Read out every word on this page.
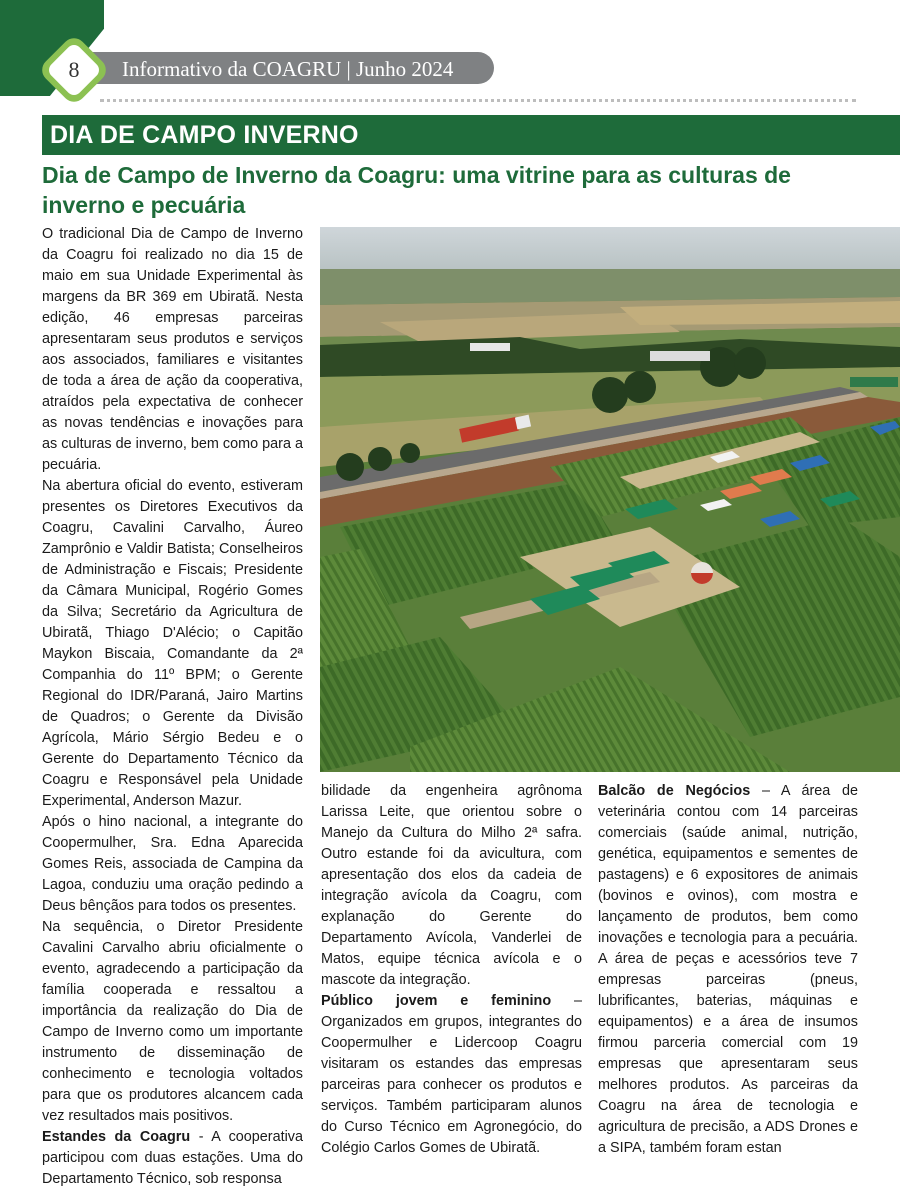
Informativo da COAGRU | Junho 2024
8
DIA DE CAMPO INVERNO
Dia de Campo de Inverno da Coagru: uma vitrine para as culturas de inverno e pecuária

O tradicional Dia de Campo de Inverno da Coagru foi realizado no dia 15 de maio em sua Unidade Experimental às margens da BR 369 em Ubiratã. Nesta edição, 46 empresas parceiras apresentaram seus produtos e serviços aos associados, familiares e visitantes de toda a área de ação da cooperativa, atraídos pela expectativa de conhecer as novas tendências e inovações para as culturas de inverno, bem como para a pecuária.

Na abertura oficial do evento, estiveram presentes os Diretores Executivos da Coagru, Cavalini Carvalho, Áureo Zamprônio e Valdir Batista; Conselheiros de Administração e Fiscais; Presidente da Câmara Municipal, Rogério Gomes da Silva; Secretário da Agricultura de Ubiratã, Thiago D'Alécio; o Capitão Maykon Biscaia, Comandante da 2ª Companhia do 11º BPM; o Gerente Regional do IDR/Paraná, Jairo Martins de Quadros; o Gerente da Divisão Agrícola, Mário Sérgio Bedeu e o Gerente do Departamento Técnico da Coagru e Responsável pela Unidade Experimental, Anderson Mazur.

Após o hino nacional, a integrante do Coopermulher, Sra. Edna Aparecida Gomes Reis, associada de Campina da Lagoa, conduziu uma oração pedindo a Deus bênçãos para todos os presentes.

Na sequência, o Diretor Presidente Cavalini Carvalho abriu oficialmente o evento, agradecendo a participação da família cooperada e ressaltou a importância da realização do Dia de Campo de Inverno como um importante instrumento de disseminação de conhecimento e tecnologia voltados para que os produtores alcancem cada vez resultados mais positivos.

Estandes da Coagru - A cooperativa participou com duas estações. Uma do Departamento Técnico, sob responsa

bilidade da engenheira agrônoma Larissa Leite, que orientou sobre o Manejo da Cultura do Milho 2ª safra. Outro estande foi da avicultura, com apresentação dos elos da cadeia de integração avícola da Coagru, com explanação do Gerente do Departamento Avícola, Vanderlei de Matos, equipe técnica avícola e o mascote da integração.

Público jovem e feminino – Organizados em grupos, integrantes do Coopermulher e Lidercoop Coagru visitaram os estandes das empresas parceiras para conhecer os produtos e serviços. Também participaram alunos do Curso Técnico em Agronegócio, do Colégio Carlos Gomes de Ubiratã.

Balcão de Negócios – A área de veterinária contou com 14 parceiras comerciais (saúde animal, nutrição, genética, equipamentos e sementes de pastagens) e 6 expositores de animais (bovinos e ovinos), com mostra e lançamento de produtos, bem como inovações e tecnologia para a pecuária. A área de peças e acessórios teve 7 empresas parceiras (pneus, lubrificantes, baterias, máquinas e equipamentos) e a área de insumos firmou parceria comercial com 19 empresas que apresentaram seus melhores produtos. As parceiras da Coagru na área de tecnologia e agricultura de precisão, a ADS Drones e a SIPA, também foram estan
